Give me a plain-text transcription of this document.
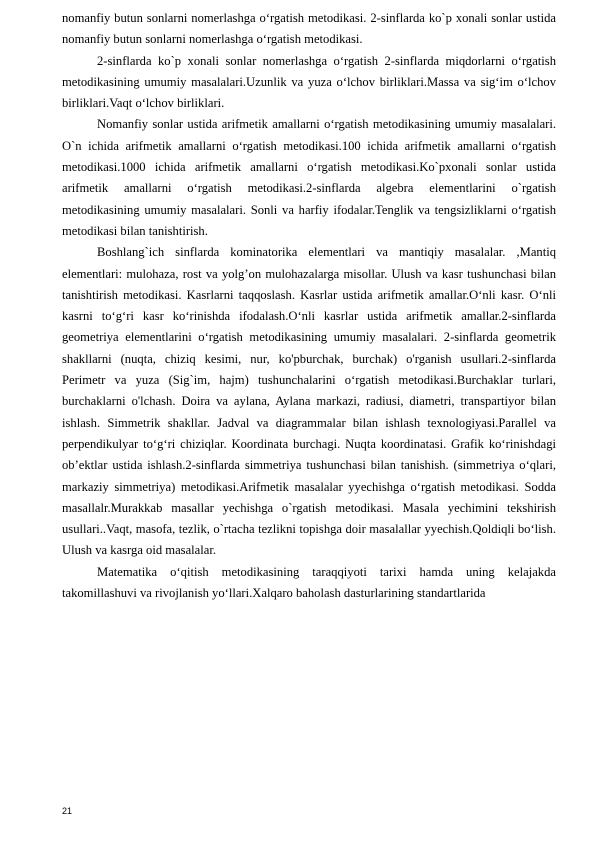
nomanfiy butun sonlarni nomerlashga o‘rgatish metodikasi. 2-sinflarda ko`p xonali sonlar ustida nomanfiy butun sonlarni nomerlashga o‘rgatish metodikasi.

2-sinflarda ko`p xonali sonlar nomerlashga o‘rgatish 2-sinflarda miqdorlarni o‘rgatish metodikasining umumiy masalalari.Uzunlik va yuza o‘lchov birliklari.Massa va sig‘im o‘lchov birliklari.Vaqt o‘lchov birliklari.

Nomanfiy sonlar ustida arifmetik amallarni o‘rgatish metodikasining umumiy masalalari. O`n ichida arifmetik amallarni o‘rgatish metodikasi.100 ichida arifmetik amallarni o‘rgatish metodikasi.1000 ichida arifmetik amallarni o‘rgatish metodikasi.Ko`pxonali sonlar ustida arifmetik amallarni o‘rgatish metodikasi.2-sinflarda algebra elementlarini o`rgatish metodikasining umumiy masalalari. Sonli va harfiy ifodalar.Tenglik va tengsizliklarni o‘rgatish metodikasi bilan tanishtirish.

Boshlang`ich sinflarda kominatorika elementlari va mantiqiy masalalar. ,Mantiq elementlari: mulohaza, rost va yolg’on mulohazalarga misollar. Ulush va kasr tushunchasi bilan tanishtirish metodikasi. Kasrlarni taqqoslash. Kasrlar ustida arifmetik amallar.O‘nli kasr. O‘nli kasrni to‘g‘ri kasr ko‘rinishda ifodalash.O‘nli kasrlar ustida arifmetik amallar.2-sinflarda geometriya elementlarini o‘rgatish metodikasining umumiy masalalari. 2-sinflarda geometrik shakllarni (nuqta, chiziq kesimi, nur, ko'pburchak, burchak) o'rganish usullari.2-sinflarda Perimetr va yuza (Sig`im, hajm) tushunchalarini o‘rgatish metodikasi.Burchaklar turlari, burchaklarni o'lchash. Doira va aylana, Aylana markazi, radiusi, diametri, transpartiyor bilan ishlash. Simmetrik shakllar. Jadval va diagrammalar bilan ishlash texnologiyasi.Parallel va perpendikulyar to‘g‘ri chiziqlar. Koordinata burchagi. Nuqta koordinatasi. Grafik ko‘rinishdagi ob’ektlar ustida ishlash.2-sinflarda simmetriya tushunchasi bilan tanishish. (simmetriya o‘qlari, markaziy simmetriya) metodikasi.Arifmetik masalalar yyechishga o‘rgatish metodikasi. Sodda masallalr.Murakkab masallar yechishga o`rgatish metodikasi. Masala yechimini tekshirish usullari..Vaqt, masofa, tezlik, o`rtacha tezlikni topishga doir masalallar yyechish.Qoldiqli bo‘lish. Ulush va kasrga oid masalalar.

Matematika o‘qitish metodikasining taraqqiyoti tarixi hamda uning kelajakda takomillashuvi va rivojlanish yo‘llari.Xalqaro baholash dasturlarining standartlarida

21
